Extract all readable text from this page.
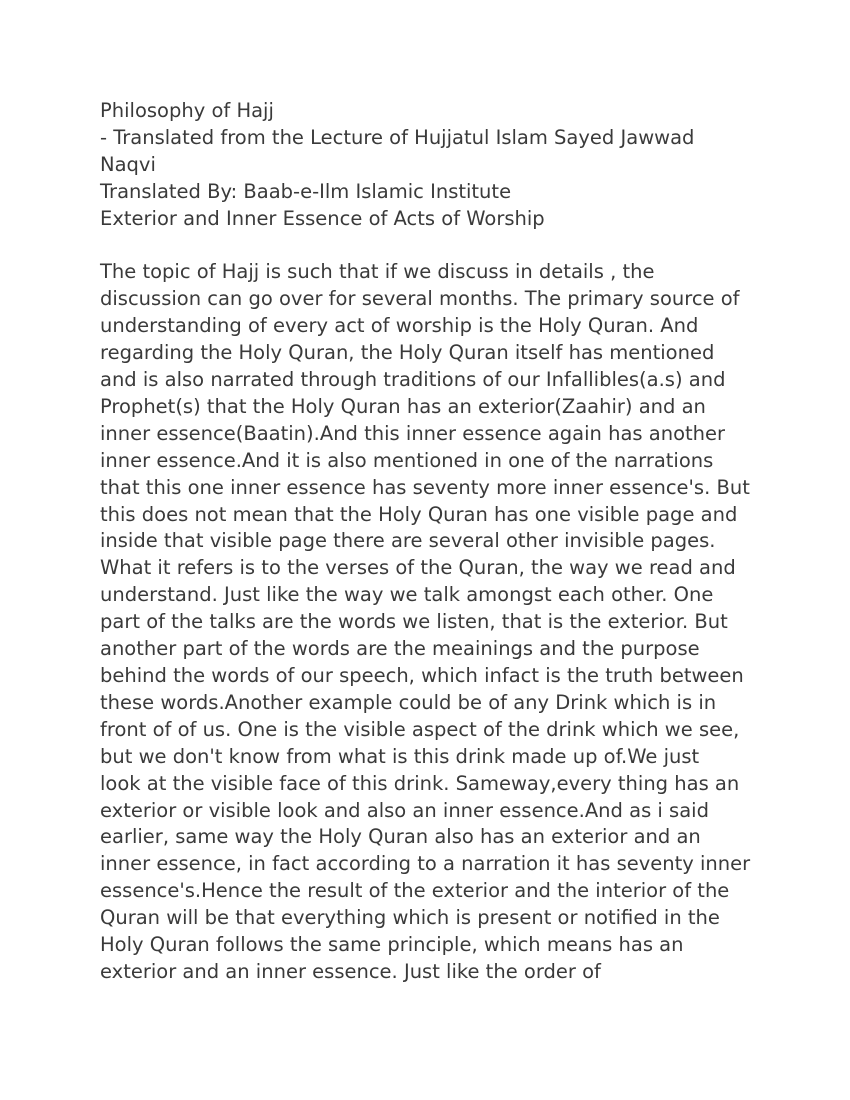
Philosophy of Hajj
- Translated from the Lecture of Hujjatul Islam Sayed Jawwad
Naqvi
Translated By: Baab-e-Ilm Islamic Institute
Exterior and Inner Essence of Acts of Worship
The topic of Hajj is such that if we discuss in details , the
discussion can go over for several months. The primary source of
understanding of every act of worship is the Holy Quran. And
regarding the Holy Quran, the Holy Quran itself has mentioned
and is also narrated through traditions of our Infallibles(a.s) and
Prophet(s) that the Holy Quran has an exterior(Zaahir) and an
inner essence(Baatin).And this inner essence again has another
inner essence.And it is also mentioned in one of the narrations
that this one inner essence has seventy more inner essence's. But
this does not mean that the Holy Quran has one visible page and
inside that visible page there are several other invisible pages.
What it refers is to the verses of the Quran, the way we read and
understand. Just like the way we talk amongst each other. One
part of the talks are the words we listen, that is the exterior. But
another part of the words are the meainings and the purpose
behind the words of our speech, which infact is the truth between
these words.Another example could be of any Drink which is in
front of of us. One is the visible aspect of the drink which we see,
but we don't know from what is this drink made up of.We just
look at the visible face of this drink. Sameway,every thing has an
exterior or visible look and also an inner essence.And as i said
earlier, same way the Holy Quran also has an exterior and an
inner essence, in fact according to a narration it has seventy inner
essence's.Hence the result of the exterior and the interior of the
Quran will be that everything which is present or notified in the
Holy Quran follows the same principle, which means has an
exterior and an inner essence. Just like the order of
